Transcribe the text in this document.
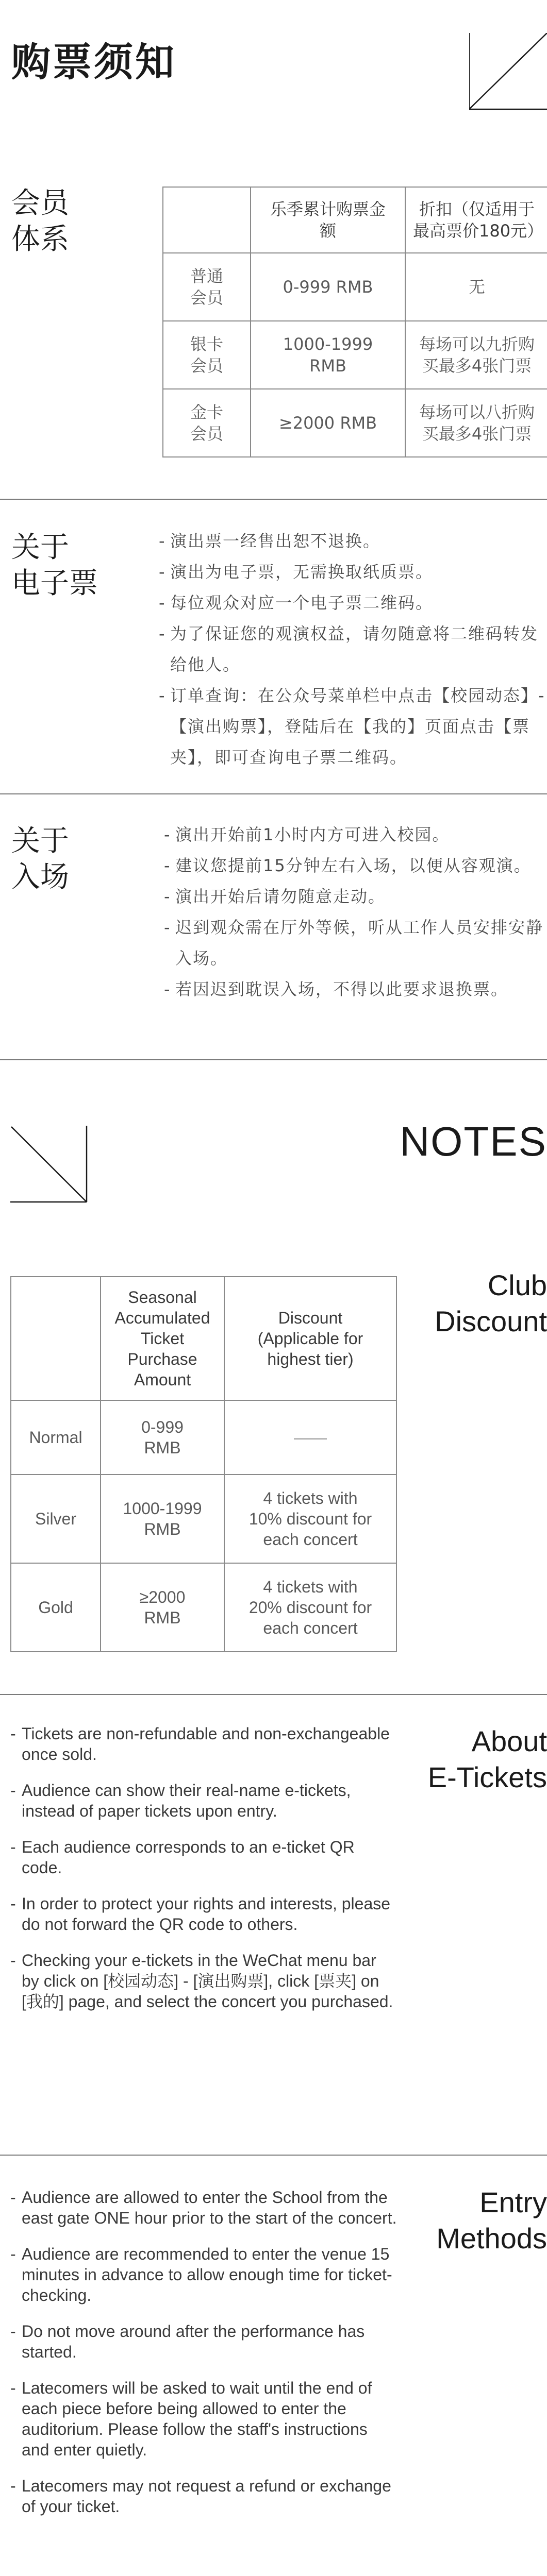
购票须知
会员
体系
	乐季累计购票金额	折扣（仅适用于最高票价180元）
普通会员	0-999 RMB	无
银卡会员	1000-1999 RMB	每场可以九折购买最多4张门票
金卡会员	≥2000 RMB	每场可以八折购买最多4张门票
关于
电子票
- 演出票一经售出恕不退换。
- 演出为电子票，无需换取纸质票。
- 每位观众对应一个电子票二维码。
- 为了保证您的观演权益，请勿随意将二维码转发给他人。
- 订单查询：在公众号菜单栏中点击【校园动态】-【演出购票】，登陆后在【我的】页面点击【票夹】，即可查询电子票二维码。
关于
入场
- 演出开始前1小时内方可进入校园。
- 建议您提前15分钟左右入场，以便从容观演。
- 演出开始后请勿随意走动。
- 迟到观众需在厅外等候，听从工作人员安排安静入场。
- 若因迟到耽误入场，不得以此要求退换票。
NOTES
Club
Discount
	Seasonal Accumulated Ticket Purchase Amount	Discount (Applicable for highest tier)
Normal	0-999 RMB	——
Silver	1000-1999 RMB	4 tickets with 10% discount for each concert
Gold	≥2000 RMB	4 tickets with 20% discount for each concert
About
E-Tickets
- Tickets are non-refundable and non-exchangeable once sold.
- Audience can show their real-name e-tickets, instead of paper tickets upon entry.
- Each audience corresponds to an e-ticket QR code.
- In order to protect your rights and interests, please do not forward the QR code to others.
- Checking your e-tickets in the WeChat menu bar by click on [校园动态] - [演出购票], click [票夹] on [我的] page, and select the concert you purchased.
Entry
Methods
- Audience are allowed to enter the School from the east gate ONE hour prior to the start of the concert.
- Audience are recommended to enter the venue 15 minutes in advance to allow enough time for ticket-checking.
- Do not move around after the performance has started.
- Latecomers will be asked to wait until the end of each piece before being allowed to enter the auditorium. Please follow the staff's instructions and enter quietly.
- Latecomers may not request a refund or exchange of your ticket.
